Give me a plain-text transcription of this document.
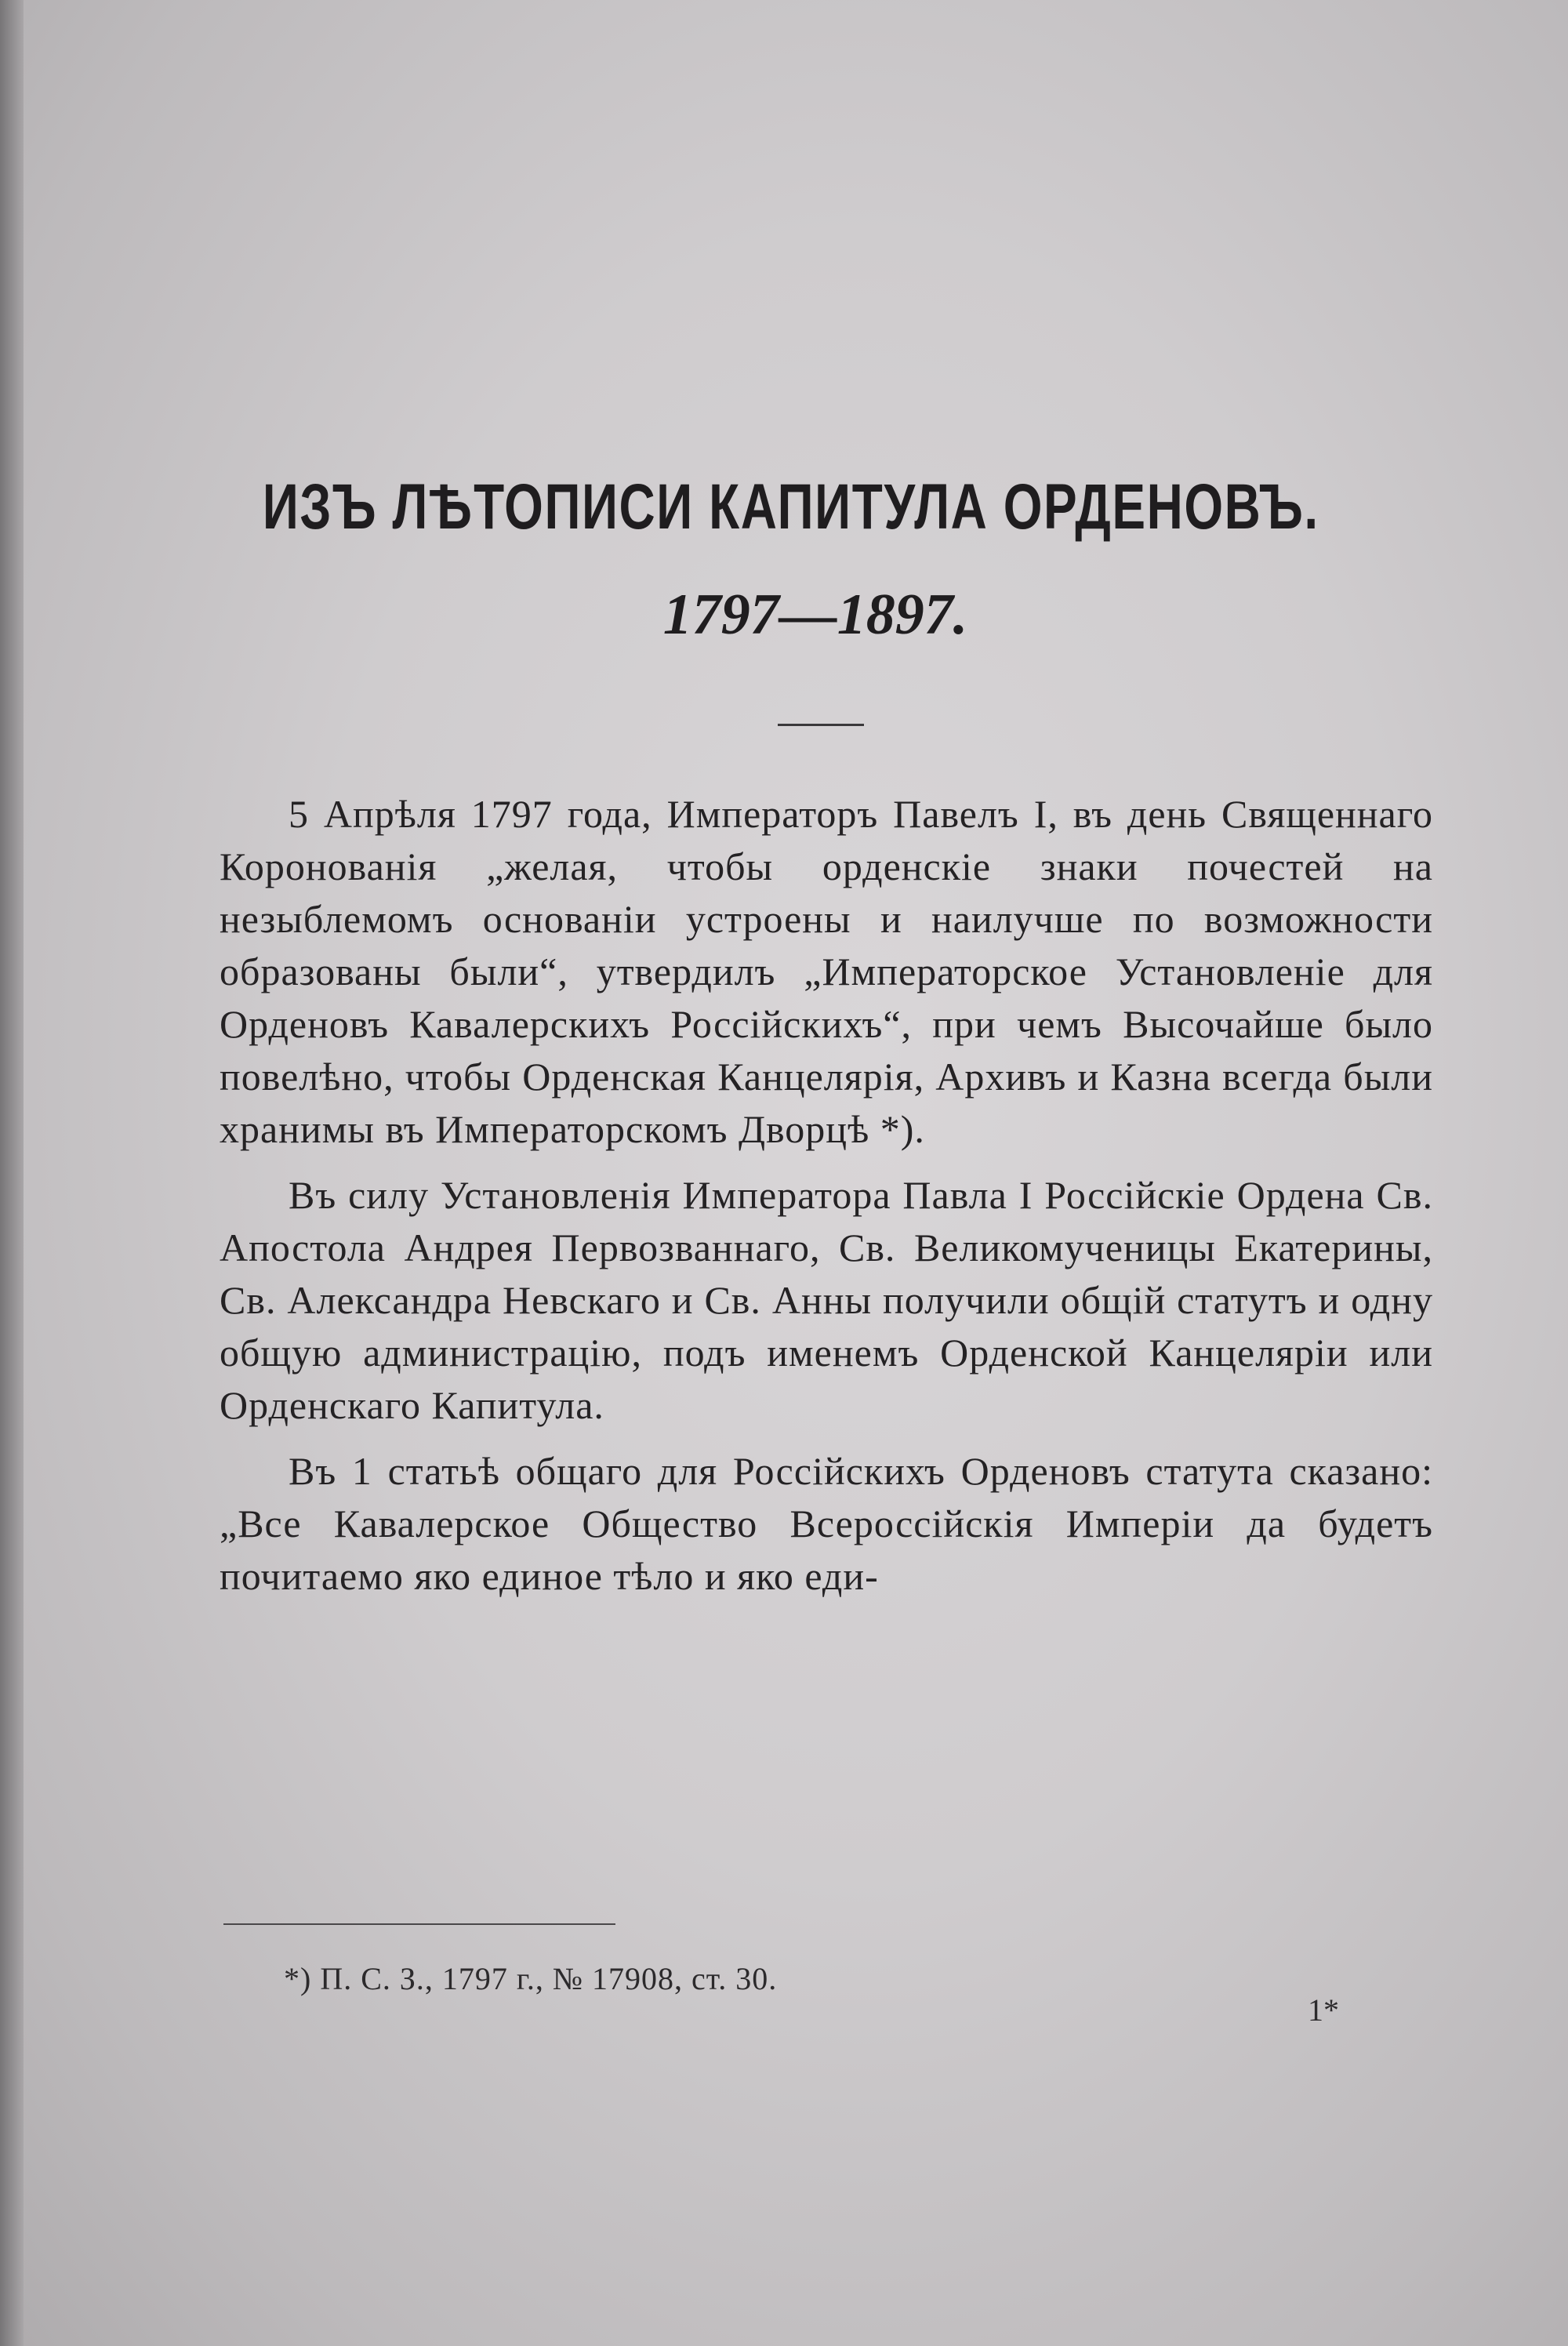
ИЗЪ ЛѢТОПИСИ КАПИТУЛА ОРДЕНОВЪ.
1797—1897.

5 Апрѣля 1797 года, Императоръ Павелъ I, въ день Священнаго Коронованія „желая, чтобы орденскіе знаки почестей на незыблемомъ основаніи устроены и наилучше по возможности образованы были“, утвердилъ „Императорское Установленіе для Орденовъ Кавалерскихъ Россійскихъ“, при чемъ Высочайше было повелѣно, чтобы Орденская Канцелярія, Архивъ и Казна всегда были хранимы въ Императорскомъ Дворцѣ *).

Въ силу Установленія Императора Павла I Россійскіе Ордена Св. Апостола Андрея Первозваннаго, Св. Великомученицы Екатерины, Св. Александра Невскаго и Св. Анны получили общій статутъ и одну общую администрацію, подъ именемъ Орденской Канцеляріи или Орденскаго Капитула.

Въ 1 статьѣ общаго для Россійскихъ Орденовъ статута сказано: „Все Кавалерское Общество Всероссійскія Имперіи да будетъ почитаемо яко единое тѣло и яко еди-

*) П. С. З., 1797 г., № 17908, ст. 30.

1*
